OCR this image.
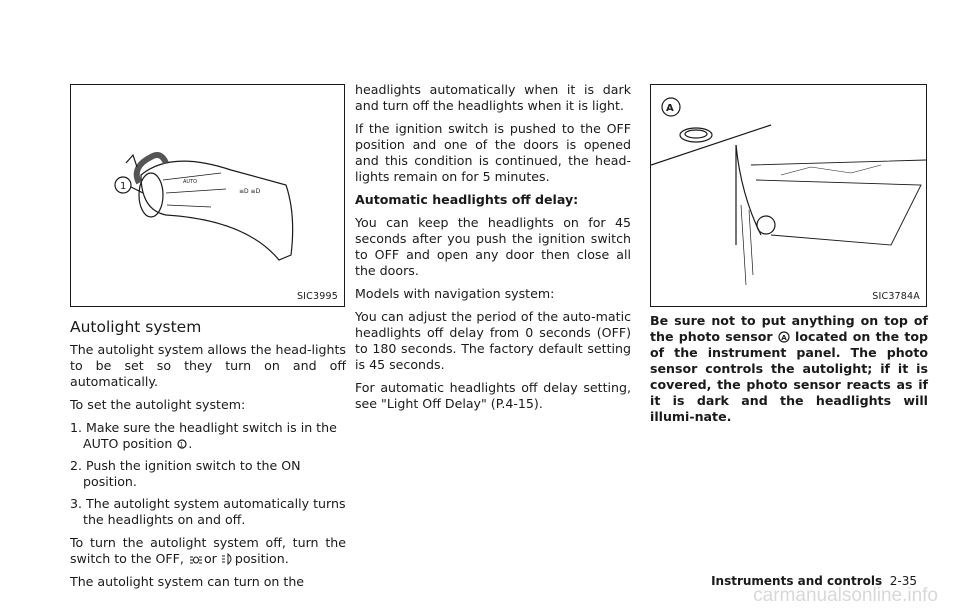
AUTO
≡D ≡D
1
SIC3995
A
SIC3784A
Autolight system

The autolight system allows the head-lights to be set so they turn on and off automatically.

To set the autolight system:

1. Make sure the headlight switch is in the AUTO position 1 .
2. Push the ignition switch to the ON position.
3. The autolight system automatically turns the headlights on and off.

To turn the autolight system off, turn the switch to the OFF, or position.

The autolight system can turn on the

headlights automatically when it is dark and turn off the headlights when it is light.

If the ignition switch is pushed to the OFF position and one of the doors is opened and this condition is continued, the head-lights remain on for 5 minutes.

Automatic headlights off delay:

You can keep the headlights on for 45 seconds after you push the ignition switch to OFF and open any door then close all the doors.

Models with navigation system:

You can adjust the period of the auto-matic headlights off delay from 0 seconds (OFF) to 180 seconds. The factory default setting is 45 seconds.

For automatic headlights off delay setting, see "Light Off Delay" (P.4-15).

Be sure not to put anything on top of the photo sensor A located on the top of the instrument panel. The photo sensor controls the autolight; if it is covered, the photo sensor reacts as if it is dark and the headlights will illumi-nate.

Instruments and controls 2-35
carmanualsonline.info
